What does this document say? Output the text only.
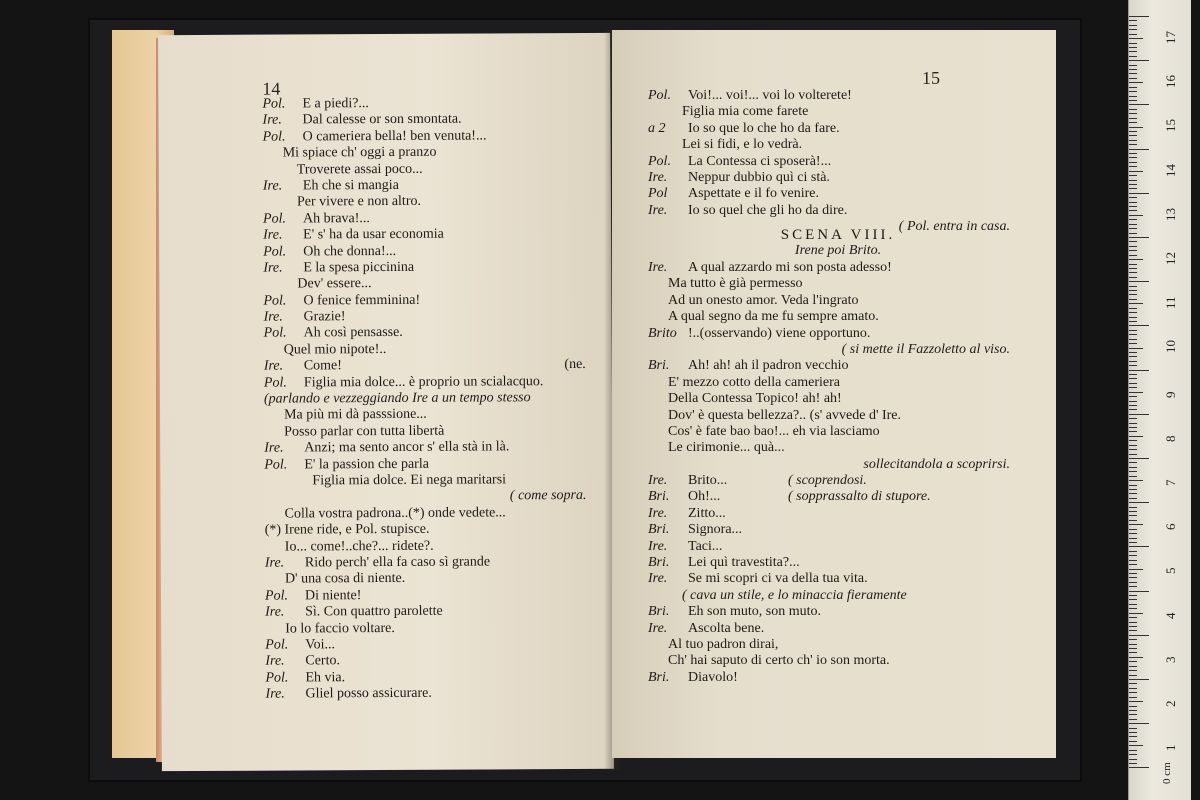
14
Pol. E a piedi?...
Ire. Dal calesse or son smontata.
Pol. O cameriera bella! ben venuta!...
Mi spiace ch' oggi a pranzo
Troverete assai poco...
Ire. Eh che si mangia
Per vivere e non altro.
Pol. Ah brava!...
Ire. E' s' ha da usar economia
Pol. Oh che donna!...
Ire. E la spesa piccinina
Dev' essere...
Pol. O fenice femminina!
Ire. Grazie!
Pol. Ah così pensasse.
Quel mio nipote!..
Ire. Come!	(ne.
Pol. Figlia mia dolce... è proprio un scialacquo.
(parlando e vezzeggiando Ire a un tempo stesso
Ma più mi dà passsione...
Posso parlar con tutta libertà
Ire. Anzi; ma sento ancor s' ella stà in là.
Pol. E' la passion che parla
Figlia mia dolce. Ei nega maritarsi
( come sopra.
Colla vostra padrona..(*) onde vedete...
(*) Irene ride, e Pol. stupisce.
Io... come!..che?... ridete?.
Ire. Rido perch' ella fa caso sì grande
D' una cosa di niente.
Pol. Di niente!
Ire. Sì. Con quattro parolette
Io lo faccio voltare.
Pol. Voi...
Ire. Certo.
Pol. Eh via.
Ire. Gliel posso assicurare.
15
Pol. Voi!... voi!... voi lo volterete!
Figlia mia come farete
a 2 Io so que lo che ho da fare.
Lei si fidi, e lo vedrà.
Pol. La Contessa ci sposerà!...
Ire. Neppur dubbio quì ci stà.
Pol Aspettate e il fo venire.
Ire. Io so quel che gli ho da dire.
( Pol. entra in casa.
SCENA VIII.
Irene poi Brito.
Ire. A qual azzardo mi son posta adesso!
Ma tutto è già permesso
Ad un onesto amor. Veda l'ingrato
A qual segno da me fu sempre amato.
Brito !..(osservando) viene opportuno.
( si mette il Fazzoletto al viso.
Bri. Ah! ah! ah il padron vecchio
E' mezzo cotto della cameriera
Della Contessa Topico! ah! ah!
Dov' è questa bellezza?.. (s' avvede d' Ire.
Cos' è fate bao bao!... eh via lasciamo
Le cirimonie... quà...
sollecitandola a scoprirsi.
Ire. Brito...	( scoprendosi.
Bri. Oh!...	( sopprassalto di stupore.
Ire. Zitto...
Bri. Signora...
Ire. Taci...
Bri. Lei quì travestita?...
Ire. Se mi scopri ci va della tua vita.
( cava un stile, e lo minaccia fieramente
Bri. Eh son muto, son muto.
Ire. Ascolta bene.
Al tuo padron dirai,
Ch' hai saputo di certo ch' io son morta.
Bri. Diavolo!
17
16
15
14
13
12
11
10
9
8
7
6
5
4
3
2
1
0 cm
